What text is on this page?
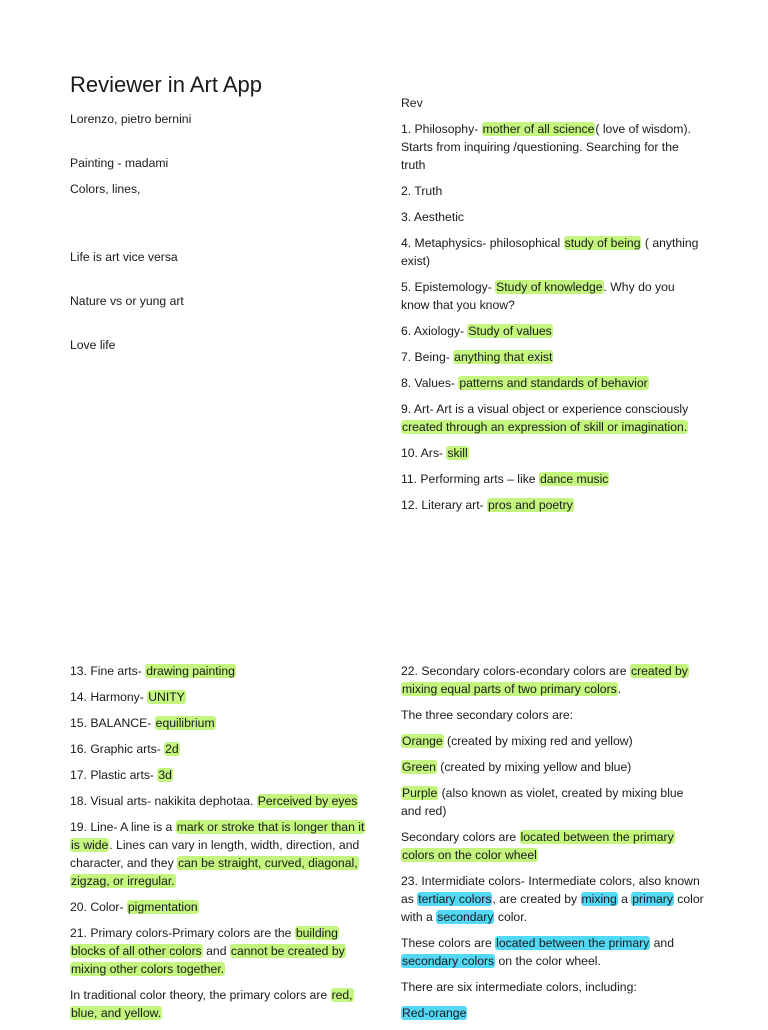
Reviewer in Art App

Lorenzo, pietro bernini

Painting - madami

Colors, lines,

Life is art vice versa

Nature vs or yung art

Love life

Rev

1. Philosophy- mother of all science( love of wisdom). Starts from inquiring /questioning. Searching for the truth

2. Truth

3. Aesthetic

4. Metaphysics- philosophical study of being ( anything exist)

5. Epistemology- Study of knowledge. Why do you know that you know?

6. Axiology- Study of values

7. Being- anything that exist

8. Values- patterns and standards of behavior

9. Art- Art is a visual object or experience consciously created through an expression of skill or imagination.

10. Ars- skill

11. Performing arts – like dance music

12. Literary art- pros and poetry

13. Fine arts- drawing painting

14. Harmony- UNITY

15. BALANCE- equilibrium

16. Graphic arts- 2d

17. Plastic arts- 3d

18. Visual arts- nakikita dephotaa. Perceived by eyes

19. Line- A line is a mark or stroke that is longer than it is wide. Lines can vary in length, width, direction, and character, and they can be straight, curved, diagonal, zigzag, or irregular.

20. Color- pigmentation

21. Primary colors-Primary colors are the building blocks of all other colors and cannot be created by mixing other colors together.

In traditional color theory, the primary colors are red, blue, and yellow.

22. Secondary colors-econdary colors are created by mixing equal parts of two primary colors.

The three secondary colors are:

Orange (created by mixing red and yellow)

Green (created by mixing yellow and blue)

Purple (also known as violet, created by mixing blue and red)

Secondary colors are located between the primary colors on the color wheel

23. Intermidiate colors- Intermediate colors, also known as tertiary colors, are created by mixing a primary color with a secondary color.

These colors are located between the primary and secondary colors on the color wheel.

There are six intermediate colors, including:

Red-orange
